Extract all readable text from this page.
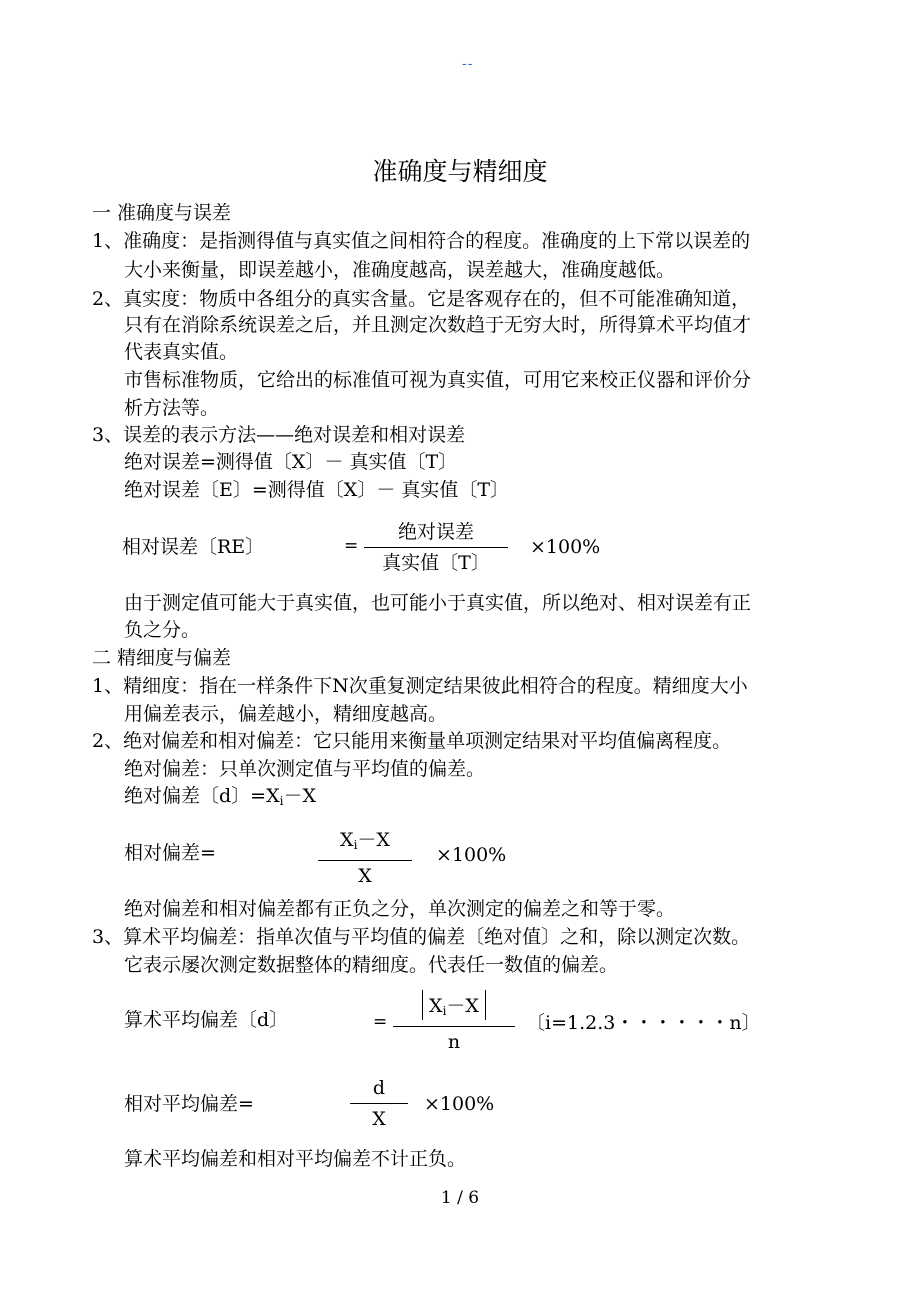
--
准确度与精细度
一 准确度与误差
1、准确度：是指测得值与真实值之间相符合的程度。准确度的上下常以误差的
大小来衡量，即误差越小，准确度越高，误差越大，准确度越低。
2、真实度：物质中各组分的真实含量。它是客观存在的，但不可能准确知道，
只有在消除系统误差之后，并且测定次数趋于无穷大时，所得算术平均值才
代表真实值。
市售标准物质，它给出的标准值可视为真实值，可用它来校正仪器和评价分
析方法等。
3、误差的表示方法——绝对误差和相对误差
绝对误差=测得值〔X〕－ 真实值〔T〕
绝对误差〔E〕=测得值〔X〕－ 真实值〔T〕
相对误差〔RE〕	=
绝对误差
真实值〔T〕
×100%
由于测定值可能大于真实值，也可能小于真实值，所以绝对、相对误差有正
负之分。
二 精细度与偏差
1、精细度：指在一样条件下N次重复测定结果彼此相符合的程度。精细度大小
用偏差表示，偏差越小，精细度越高。
2、绝对偏差和相对偏差：它只能用来衡量单项测定结果对平均值偏离程度。
绝对偏差：只单次测定值与平均值的偏差。
绝对偏差〔d〕$=X_i-X$
相对偏差=
$X_i-X$
X
×100%
绝对偏差和相对偏差都有正负之分，单次测定的偏差之和等于零。
3、算术平均偏差：指单次值与平均值的偏差〔绝对值〕之和，除以测定次数。
它表示屡次测定数据整体的精细度。代表任一数值的偏差。
算术平均偏差〔d〕	=
$X_i-X$
n
〔i=1.2.3・・・・・・n〕
相对平均偏差=
d
X
×100%
算术平均偏差和相对平均偏差不计正负。
1 / 6
